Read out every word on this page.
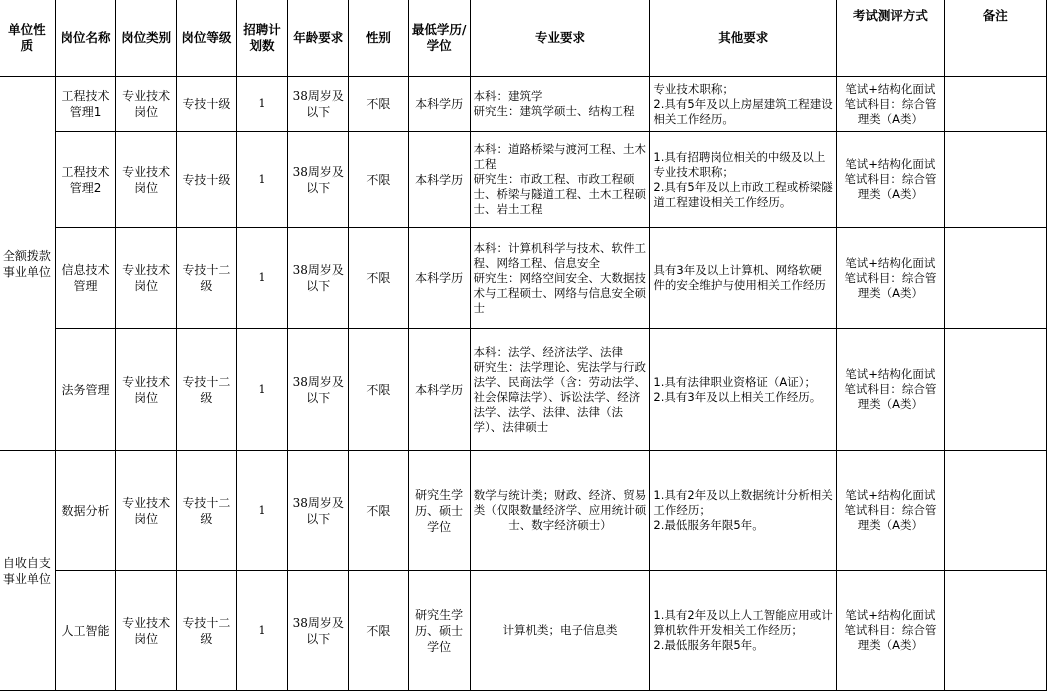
单位性质	岗位名称	岗位类别	岗位等级	招聘计划数	年龄要求	性别	最低学历/学位	专业要求	其他要求	考试测评方式	备注
全额拨款事业单位	工程技术管理1	专业技术岗位	专技十级	1	38周岁及以下	不限	本科学历	本科：建筑学
研究生：建筑学硕士、结构工程	专业技术职称；
2.具有5年及以上房屋建筑工程建设相关工作经历。	笔试+结构化面试
笔试科目：综合管理类（A类）	
	工程技术管理2	专业技术岗位	专技十级	1	38周岁及以下	不限	本科学历	本科：道路桥梁与渡河工程、土木工程
研究生：市政工程、市政工程硕士、桥梁与隧道工程、土木工程硕士、岩土工程	1.具有招聘岗位相关的中级及以上专业技术职称；
2.具有5年及以上市政工程或桥梁隧道工程建设相关工作经历。	笔试+结构化面试
笔试科目：综合管理类（A类）	
	信息技术管理	专业技术岗位	专技十二级	1	38周岁及以下	不限	本科学历	本科：计算机科学与技术、软件工程、网络工程、信息安全
研究生：网络空间安全、大数据技术与工程硕士、网络与信息安全硕士	具有3年及以上计算机、网络软硬件的安全维护与使用相关工作经历	笔试+结构化面试
笔试科目：综合管理类（A类）	
	法务管理	专业技术岗位	专技十二级	1	38周岁及以下	不限	本科学历	本科：法学、经济法学、法律
研究生：法学理论、宪法学与行政法学、民商法学（含：劳动法学、社会保障法学）、诉讼法学、经济法学、法学、法律、法律（法学）、法律硕士	1.具有法律职业资格证（A证）；
2.具有3年及以上相关工作经历。	笔试+结构化面试
笔试科目：综合管理类（A类）	
自收自支事业单位	数据分析	专业技术岗位	专技十二级	1	38周岁及以下	不限	研究生学历、硕士学位	数学与统计类；财政、经济、贸易类（仅限数量经济学、应用统计硕士、数字经济硕士）	1.具有2年及以上数据统计分析相关工作经历；
2.最低服务年限5年。	笔试+结构化面试
笔试科目：综合管理类（A类）	
	人工智能	专业技术岗位	专技十二级	1	38周岁及以下	不限	研究生学历、硕士学位	计算机类；电子信息类	1.具有2年及以上人工智能应用或计算机软件开发相关工作经历；
2.最低服务年限5年。	笔试+结构化面试
笔试科目：综合管理类（A类）	
